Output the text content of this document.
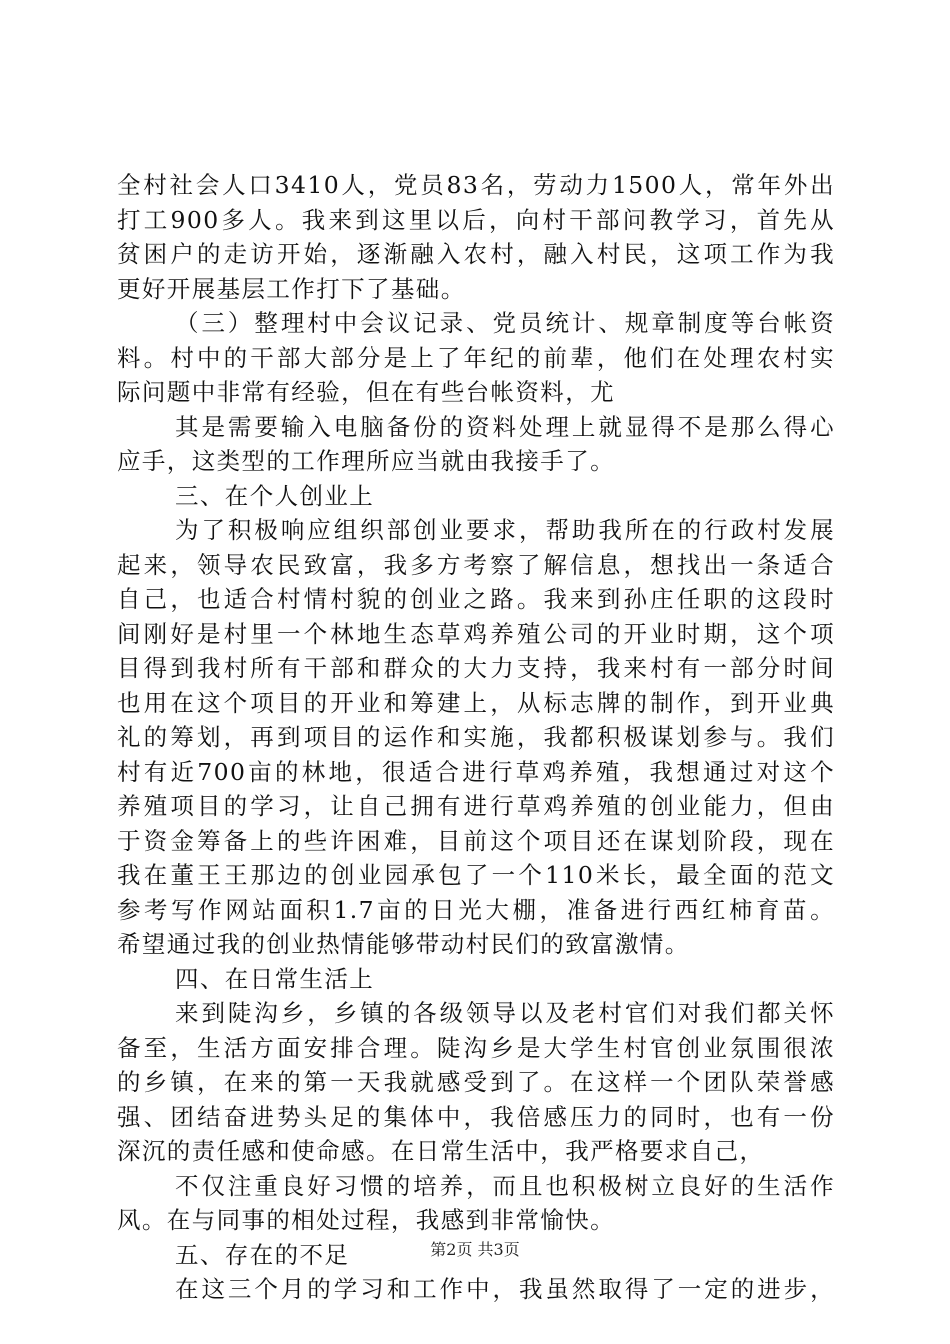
全村社会人口3410人，党员83名，劳动力1500人，常年外出
打工900多人。我来到这里以后，向村干部问教学习，首先从
贫困户的走访开始，逐渐融入农村，融入村民，这项工作为我
更好开展基层工作打下了基础。
（三）整理村中会议记录、党员统计、规章制度等台帐资
料。村中的干部大部分是上了年纪的前辈，他们在处理农村实
际问题中非常有经验，但在有些台帐资料，尤
其是需要输入电脑备份的资料处理上就显得不是那么得心
应手，这类型的工作理所应当就由我接手了。
三、在个人创业上
为了积极响应组织部创业要求，帮助我所在的行政村发展
起来，领导农民致富，我多方考察了解信息，想找出一条适合
自己，也适合村情村貌的创业之路。我来到孙庄任职的这段时
间刚好是村里一个林地生态草鸡养殖公司的开业时期，这个项
目得到我村所有干部和群众的大力支持，我来村有一部分时间
也用在这个项目的开业和筹建上，从标志牌的制作，到开业典
礼的筹划，再到项目的运作和实施，我都积极谋划参与。我们
村有近700亩的林地，很适合进行草鸡养殖，我想通过对这个
养殖项目的学习，让自己拥有进行草鸡养殖的创业能力，但由
于资金筹备上的些许困难，目前这个项目还在谋划阶段，现在
我在董王王那边的创业园承包了一个110米长，最全面的范文
参考写作网站面积1.7亩的日光大棚，准备进行西红柿育苗。
希望通过我的创业热情能够带动村民们的致富激情。
四、在日常生活上
来到陡沟乡，乡镇的各级领导以及老村官们对我们都关怀
备至，生活方面安排合理。陡沟乡是大学生村官创业氛围很浓
的乡镇，在来的第一天我就感受到了。在这样一个团队荣誉感
强、团结奋进势头足的集体中，我倍感压力的同时，也有一份
深沉的责任感和使命感。在日常生活中，我严格要求自己，
不仅注重良好习惯的培养，而且也积极树立良好的生活作
风。在与同事的相处过程，我感到非常愉快。
五、存在的不足
在这三个月的学习和工作中，我虽然取得了一定的进步，
第2页 共3页
